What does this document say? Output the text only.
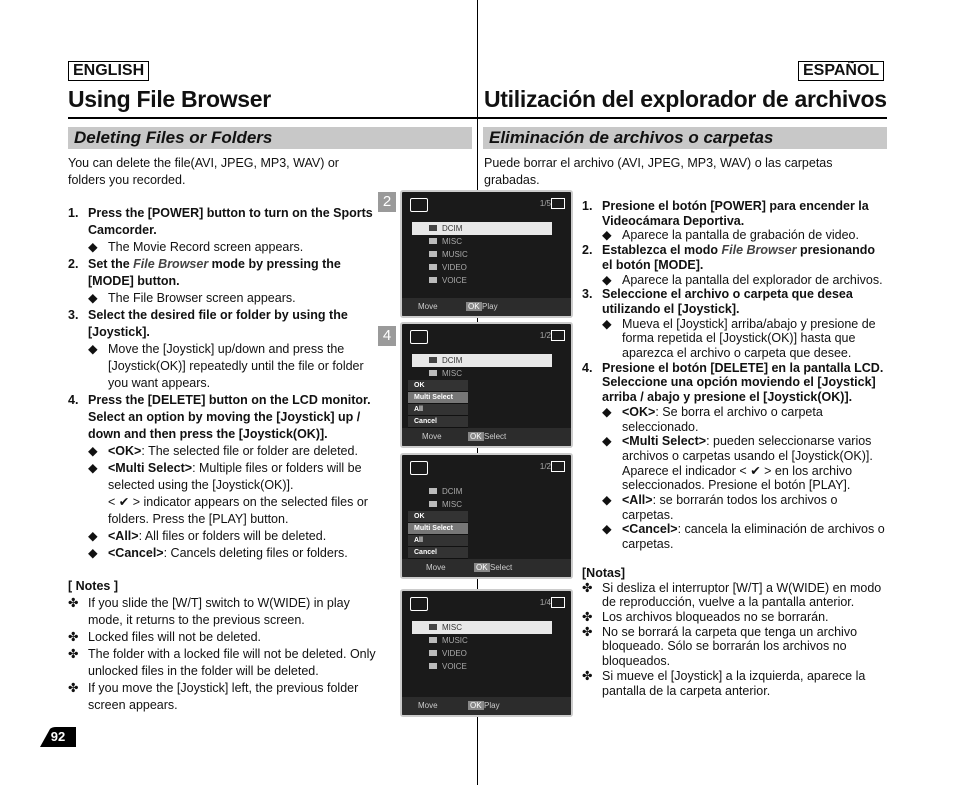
ENGLISH	ESPAÑOL
Using File Browser	Utilización del explorador de archivos
Deleting Files or Folders	Eliminación de archivos o carpetas

You can delete the file(AVI, JPEG, MP3, WAV) or folders you recorded.

1. Press the [POWER] button to turn on the Sports Camcorder.
◆ The Movie Record screen appears.
2. Set the File Browser mode by pressing the [MODE] button.
◆ The File Browser screen appears.
3. Select the desired file or folder by using the [Joystick].
◆ Move the [Joystick] up/down and press the [Joystick(OK)] repeatedly until the file or folder you want appears.
4. Press the [DELETE] button on the LCD monitor. Select an option by moving the [Joystick] up / down and then press the [Joystick(OK)].
◆ <OK>: The selected file or folder are deleted.
◆ <Multi Select>: Multiple files or folders will be selected using the [Joystick(OK)].
< ✔ > indicator appears on the selected files or folders. Press the [PLAY] button.
◆ <All>: All files or folders will be deleted.
◆ <Cancel>: Cancels deleting files or folders.

[ Notes ]

✤ If you slide the [W/T] switch to W(WIDE) in play mode, it returns to the previous screen.
✤ Locked files will not be deleted.
✤ The folder with a locked file will not be deleted. Only unlocked files in the folder will be deleted.
✤ If you move the [Joystick] left, the previous folder screen appears.

Puede borrar el archivo (AVI, JPEG, MP3, WAV) o las carpetas grabadas.

1. Presione el botón [POWER] para encender la Videocámara Deportiva.
◆ Aparece la pantalla de grabación de video.
2. Establezca el modo File Browser presionando el botón [MODE].
◆ Aparece la pantalla del explorador de archivos.
3. Seleccione el archivo o carpeta que desea utilizando el [Joystick].
◆ Mueva el [Joystick] arriba/abajo y presione de forma repetida el [Joystick(OK)] hasta que aparezca el archivo o carpeta que desee.
4. Presione el botón [DELETE] en la pantalla LCD. Seleccione una opción moviendo el [Joystick] arriba / abajo y presione el [Joystick(OK)].
◆ <OK>: Se borra el archivo o carpeta seleccionado.
◆ <Multi Select>: pueden seleccionarse varios archivos o carpetas usando el [Joystick(OK)]. Aparece el indicador < ✔ > en los archivo seleccionados. Presione el botón [PLAY].
◆ <All>: se borrarán todos los archivos o carpetas.
◆ <Cancel>: cancela la eliminación de archivos o carpetas.

[Notas]

✤ Si desliza el interruptor [W/T] a W(WIDE) en modo de reproducción, vuelve a la pantalla anterior.
✤ Los archivos bloqueados no se borrarán.
✤ No se borrará la carpeta que tenga un archivo bloqueado. Sólo se borrarán los archivos no bloqueados.
✤ Si mueve el [Joystick] a la izquierda, aparece la pantalla de la carpeta anterior.
2
4
1/5
DCIM
MISC
MUSIC
VIDEO
VOICE
Move	OK Play
1/2
DCIM
MISC
OK
Multi Select
All
Cancel
Move	OK Select
1/2
DCIM
MISC
OK
Multi Select
All
Cancel
Move	OK Select
1/4
MISC
MUSIC
VIDEO
VOICE
Move	OK Play
92
